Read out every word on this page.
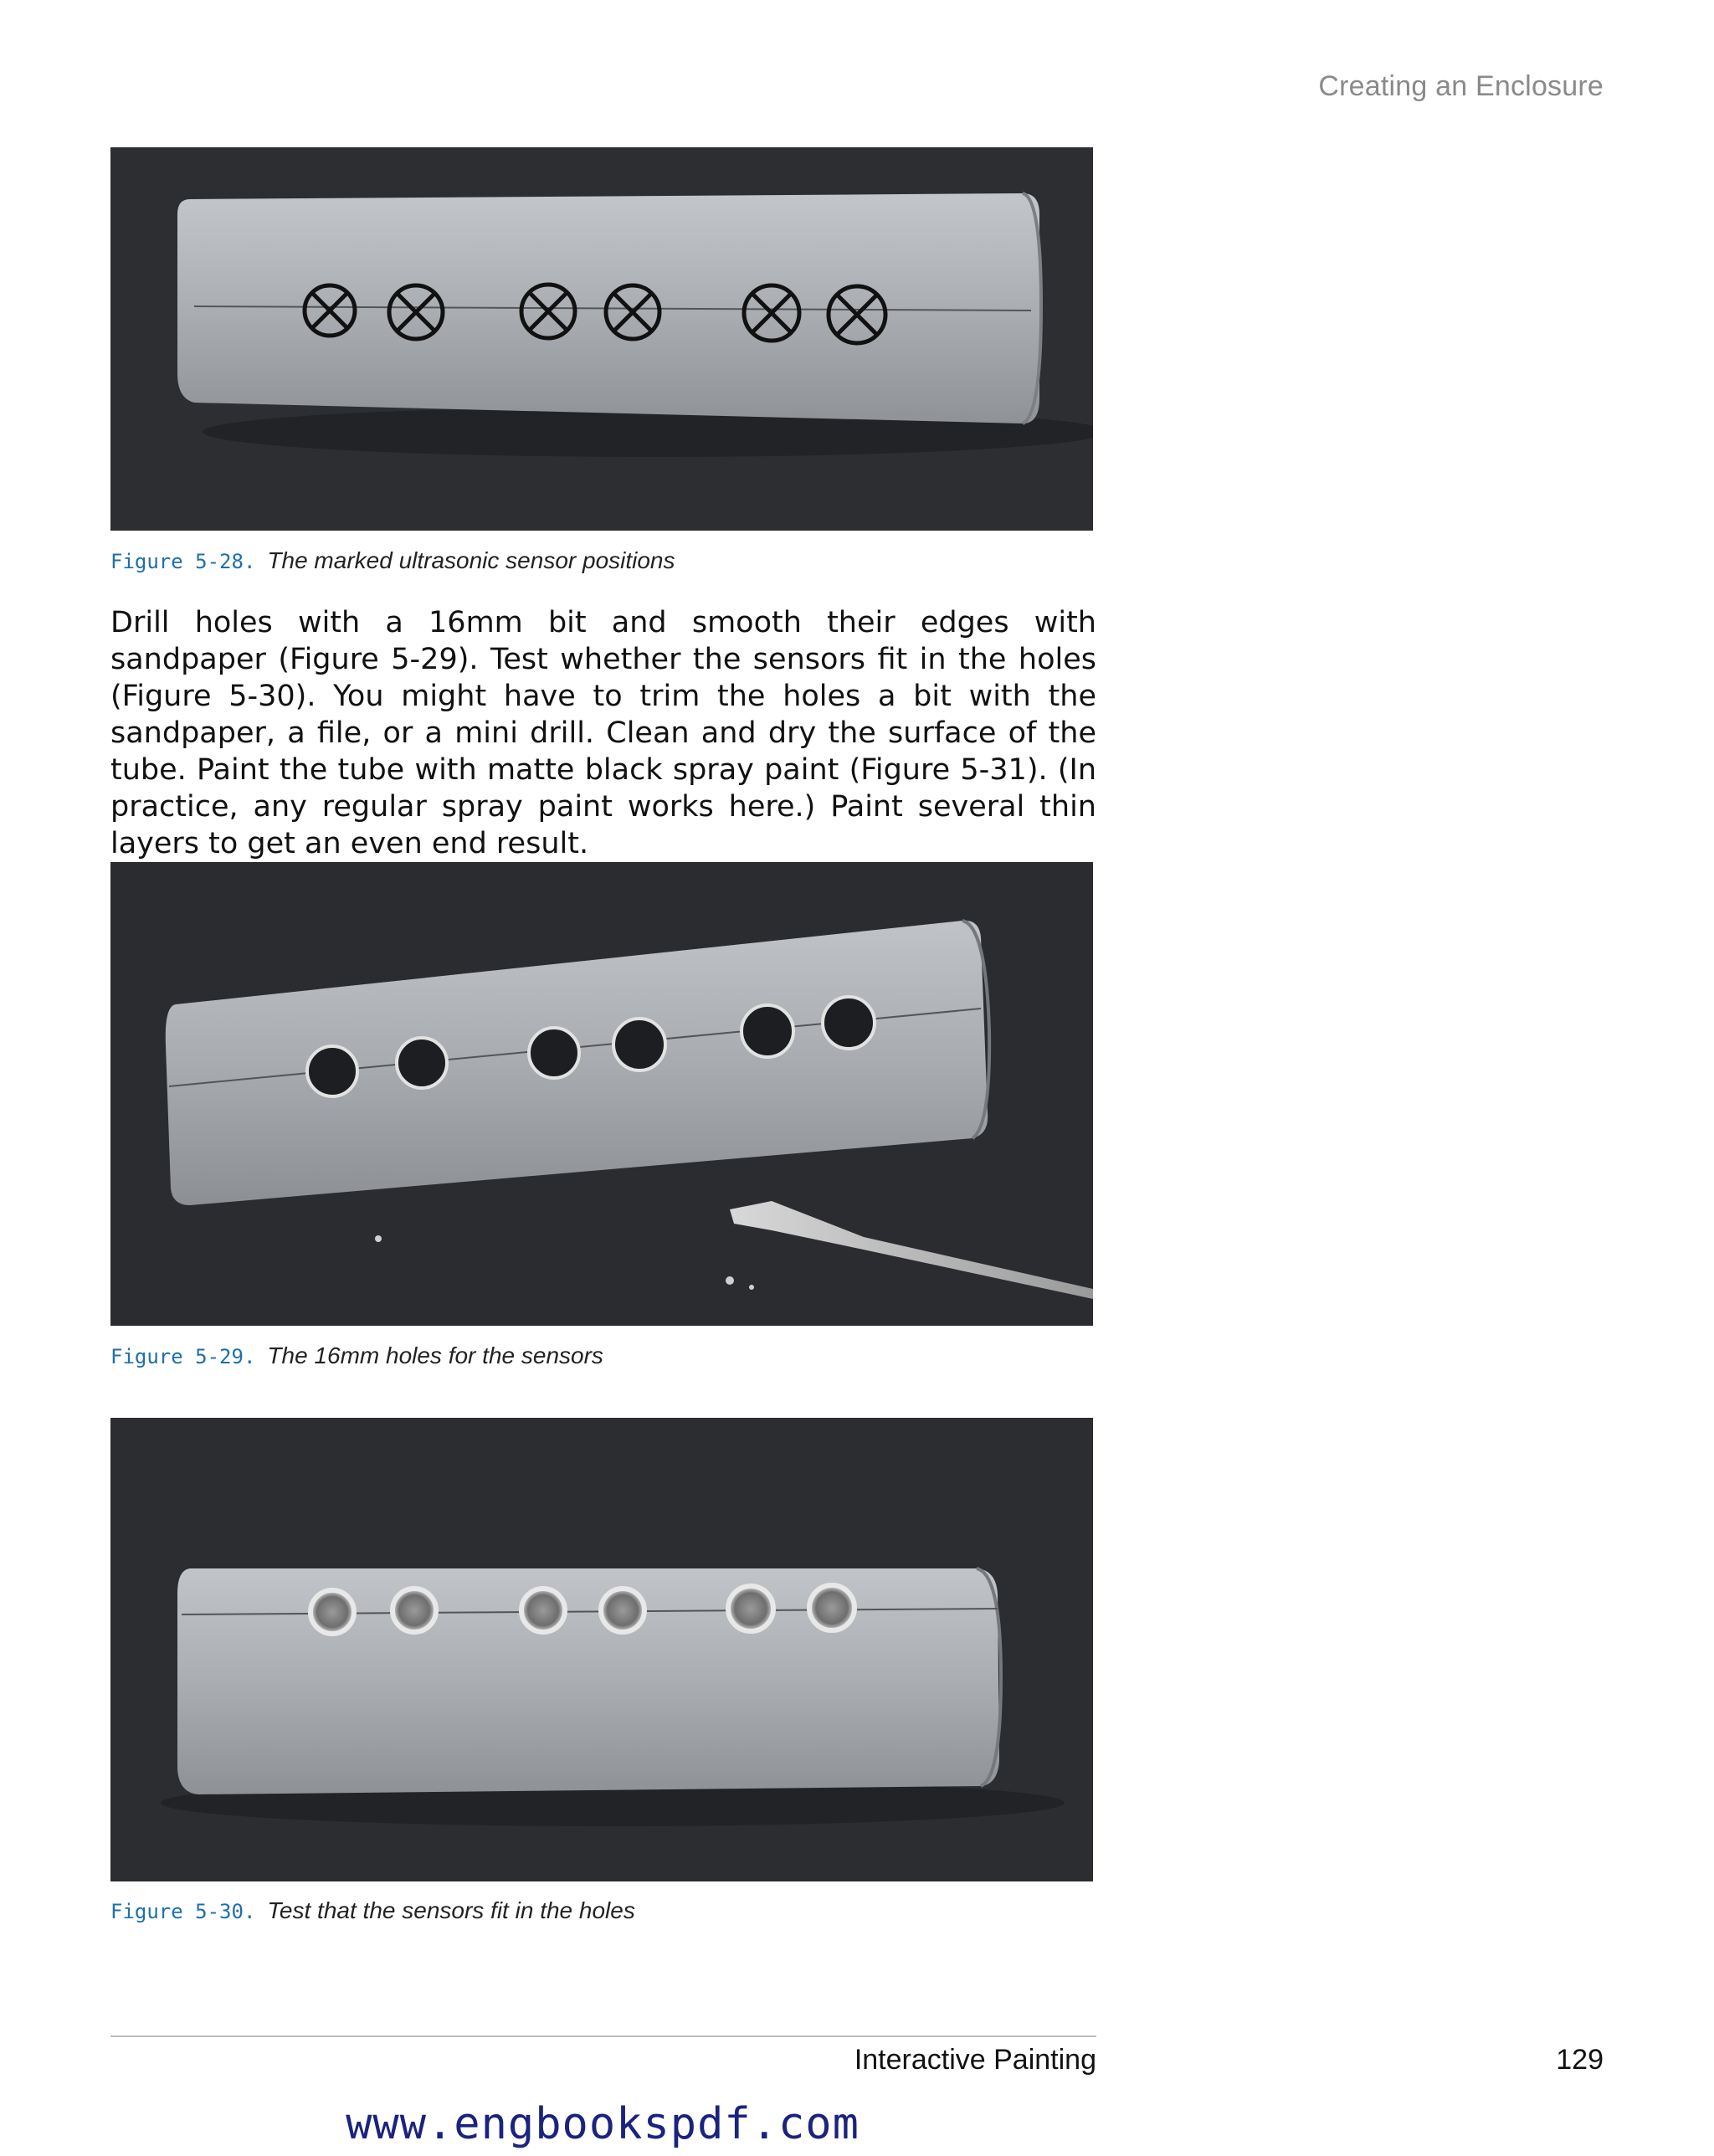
Creating an Enclosure
Figure 5-28. The marked ultrasonic sensor positions
Drill holes with a 16mm bit and smooth their edges with sandpaper (Figure 5-29). Test whether the sensors fit in the holes (Figure 5-30). You might have to trim the holes a bit with the sandpaper, a file, or a mini drill. Clean and dry the surface of the tube. Paint the tube with matte black spray paint (Figure 5-31). (In practice, any regular spray paint works here.) Paint several thin layers to get an even end result.
Figure 5-29. The 16mm holes for the sensors
Figure 5-30. Test that the sensors fit in the holes
Interactive Painting	129
www.engbookspdf.com
